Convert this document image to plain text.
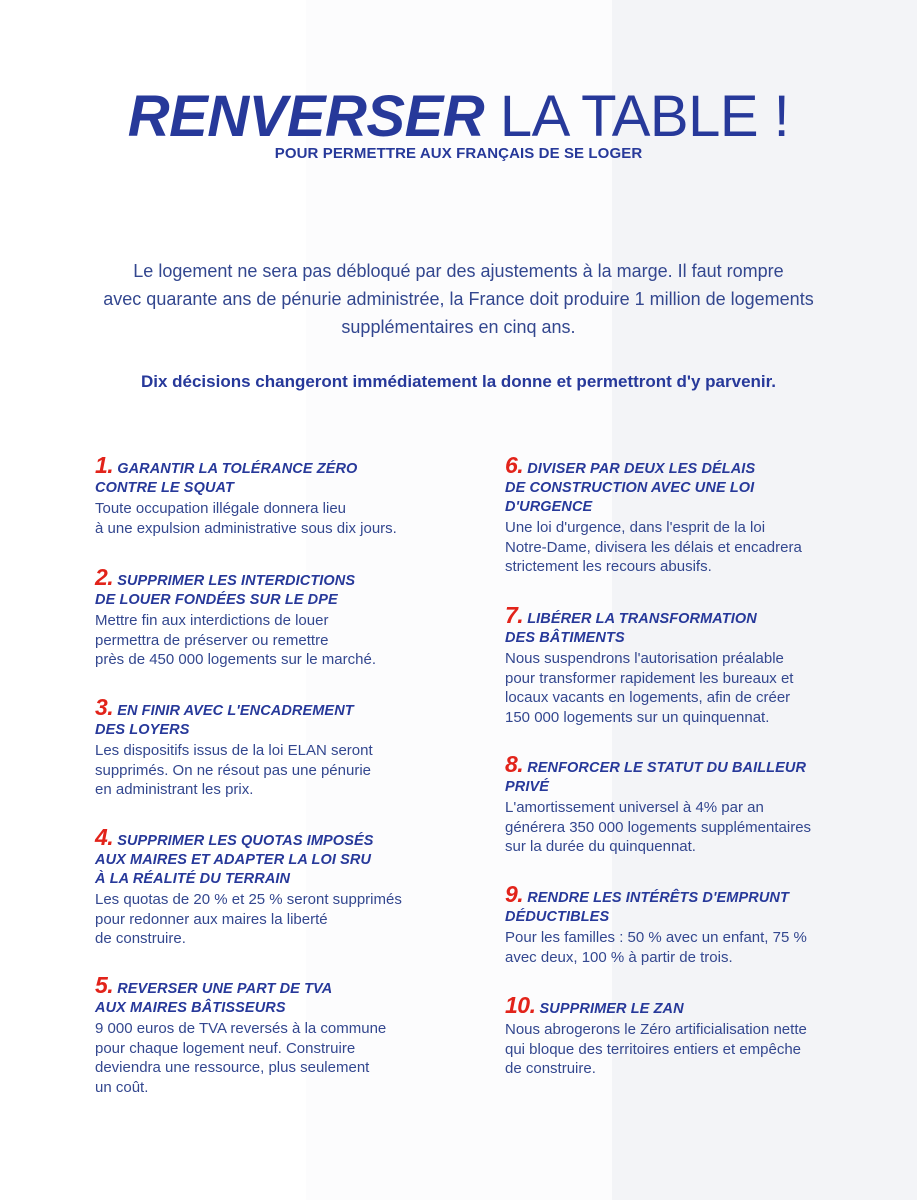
RENVERSER LA TABLE !
POUR PERMETTRE AUX FRANÇAIS DE SE LOGER
Le logement ne sera pas débloqué par des ajustements à la marge. Il faut rompre
avec quarante ans de pénurie administrée, la France doit produire 1 million de logements
supplémentaires en cinq ans.
Dix décisions changeront immédiatement la donne et permettront d'y parvenir.
1. GARANTIR LA TOLÉRANCE ZÉRO
CONTRE LE SQUAT
Toute occupation illégale donnera lieu
à une expulsion administrative sous dix jours.
2. SUPPRIMER LES INTERDICTIONS
DE LOUER FONDÉES SUR LE DPE
Mettre fin aux interdictions de louer
permettra de préserver ou remettre
près de 450 000 logements sur le marché.
3. EN FINIR AVEC L'ENCADREMENT
DES LOYERS
Les dispositifs issus de la loi ELAN seront
supprimés. On ne résout pas une pénurie
en administrant les prix.
4. SUPPRIMER LES QUOTAS IMPOSÉS
AUX MAIRES ET ADAPTER LA LOI SRU
À LA RÉALITÉ DU TERRAIN
Les quotas de 20 % et 25 % seront supprimés
pour redonner aux maires la liberté
de construire.
5. REVERSER UNE PART DE TVA
AUX MAIRES BÂTISSEURS
9 000 euros de TVA reversés à la commune
pour chaque logement neuf. Construire
deviendra une ressource, plus seulement
un coût.
6. DIVISER PAR DEUX LES DÉLAIS
DE CONSTRUCTION AVEC UNE LOI
D'URGENCE
Une loi d'urgence, dans l'esprit de la loi
Notre-Dame, divisera les délais et encadrera
strictement les recours abusifs.
7. LIBÉRER LA TRANSFORMATION
DES BÂTIMENTS
Nous suspendrons l'autorisation préalable
pour transformer rapidement les bureaux et
locaux vacants en logements, afin de créer
150 000 logements sur un quinquennat.
8. RENFORCER LE STATUT DU BAILLEUR
PRIVÉ
L'amortissement universel à 4% par an
générera 350 000 logements supplémentaires
sur la durée du quinquennat.
9. RENDRE LES INTÉRÊTS D'EMPRUNT
DÉDUCTIBLES
Pour les familles : 50 % avec un enfant, 75 %
avec deux, 100 % à partir de trois.
10. SUPPRIMER LE ZAN
Nous abrogerons le Zéro artificialisation nette
qui bloque des territoires entiers et empêche
de construire.
